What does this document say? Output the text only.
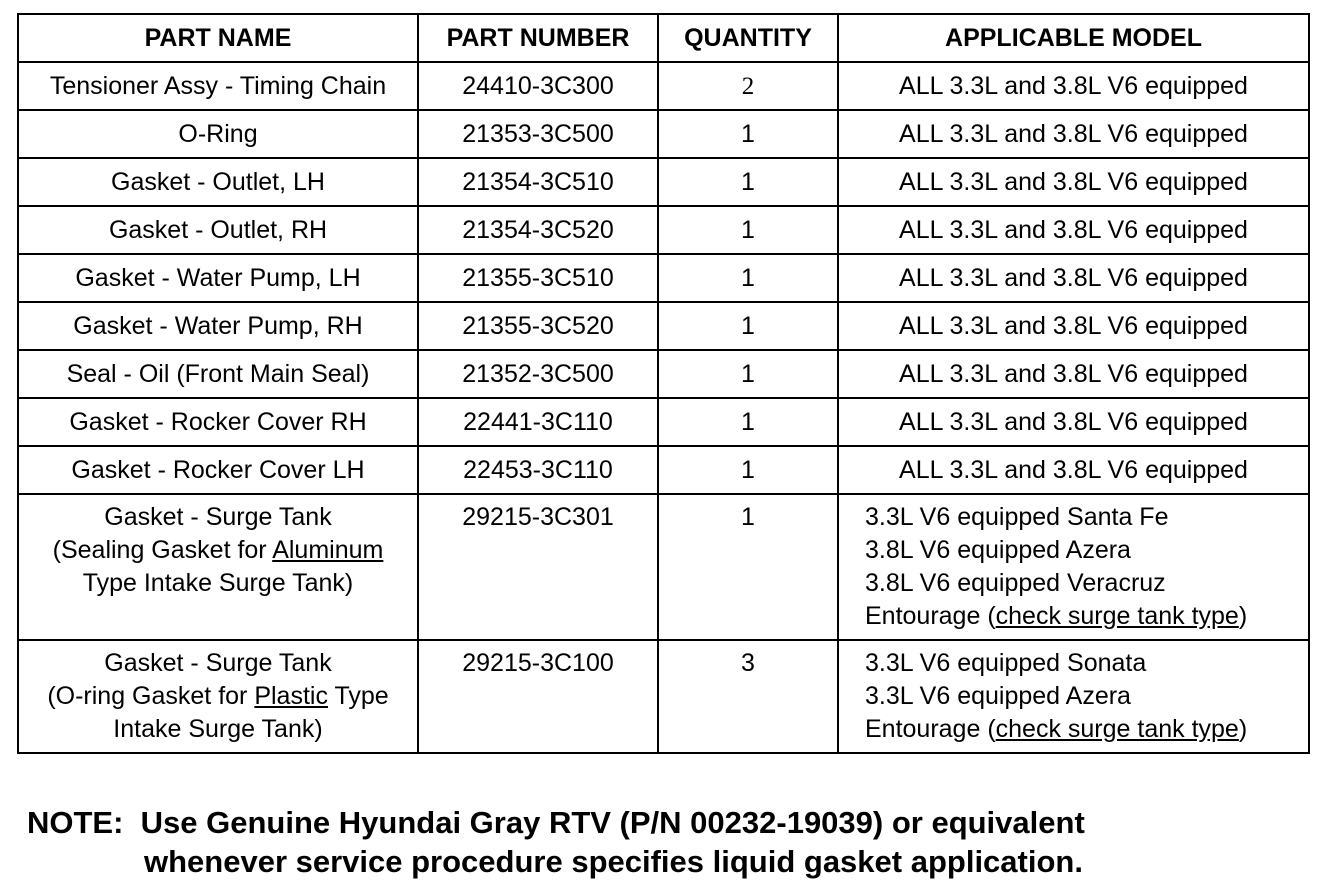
PART NAME	PART NUMBER	QUANTITY	APPLICABLE MODEL
Tensioner Assy - Timing Chain	24410-3C300	2	ALL 3.3L and 3.8L V6 equipped
O-Ring	21353-3C500	1	ALL 3.3L and 3.8L V6 equipped
Gasket - Outlet, LH	21354-3C510	1	ALL 3.3L and 3.8L V6 equipped
Gasket - Outlet, RH	21354-3C520	1	ALL 3.3L and 3.8L V6 equipped
Gasket - Water Pump, LH	21355-3C510	1	ALL 3.3L and 3.8L V6 equipped
Gasket - Water Pump, RH	21355-3C520	1	ALL 3.3L and 3.8L V6 equipped
Seal - Oil (Front Main Seal)	21352-3C500	1	ALL 3.3L and 3.8L V6 equipped
Gasket - Rocker Cover RH	22441-3C110	1	ALL 3.3L and 3.8L V6 equipped
Gasket - Rocker Cover LH	22453-3C110	1	ALL 3.3L and 3.8L V6 equipped

Gasket - Surge Tank
(Sealing Gasket for Aluminum
Type Intake Surge Tank)	29215-3C301	1	3.3L V6 equipped Santa Fe
3.8L V6 equipped Azera
3.8L V6 equipped Veracruz
Entourage (check surge tank type)

Gasket - Surge Tank
(O-ring Gasket for Plastic Type
Intake Surge Tank)	29215-3C100	3	3.3L V6 equipped Sonata
3.3L V6 equipped Azera
Entourage (check surge tank type)
NOTE:  Use Genuine Hyundai Gray RTV (P/N 00232-19039) or equivalent
whenever service procedure specifies liquid gasket application.
